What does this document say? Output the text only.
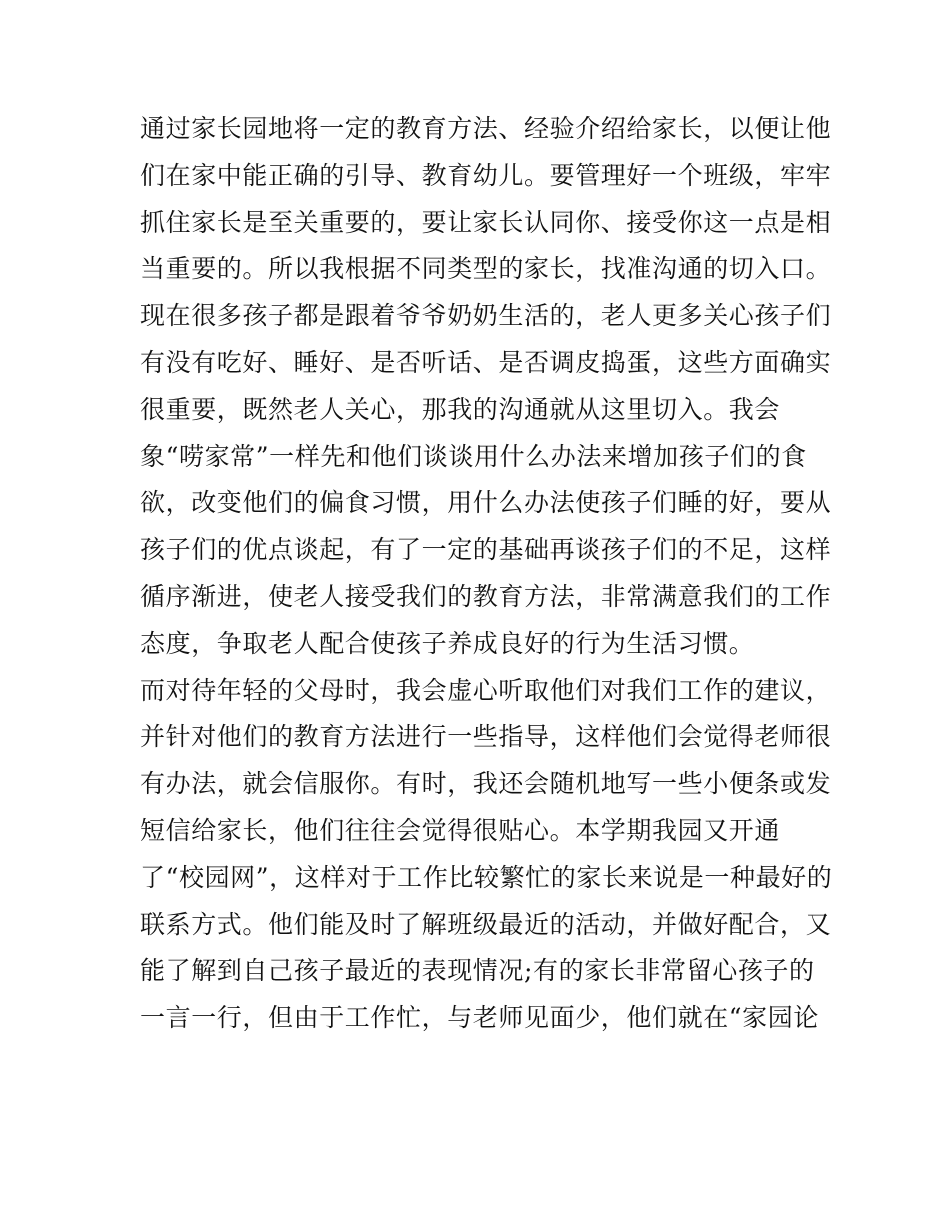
通过家长园地将一定的教育方法、经验介绍给家长，以便让他
们在家中能正确的引导、教育幼儿。要管理好一个班级，牢牢
抓住家长是至关重要的，要让家长认同你、接受你这一点是相
当重要的。所以我根据不同类型的家长，找准沟通的切入口。
现在很多孩子都是跟着爷爷奶奶生活的，老人更多关心孩子们
有没有吃好、睡好、是否听话、是否调皮捣蛋，这些方面确实
很重要，既然老人关心，那我的沟通就从这里切入。我会
象“唠家常”一样先和他们谈谈用什么办法来增加孩子们的食
欲，改变他们的偏食习惯，用什么办法使孩子们睡的好，要从
孩子们的优点谈起，有了一定的基础再谈孩子们的不足，这样
循序渐进，使老人接受我们的教育方法，非常满意我们的工作
态度，争取老人配合使孩子养成良好的行为生活习惯。
而对待年轻的父母时，我会虚心听取他们对我们工作的建议，
并针对他们的教育方法进行一些指导，这样他们会觉得老师很
有办法，就会信服你。有时，我还会随机地写一些小便条或发
短信给家长，他们往往会觉得很贴心。本学期我园又开通
了“校园网”，这样对于工作比较繁忙的家长来说是一种最好的
联系方式。他们能及时了解班级最近的活动，并做好配合，又
能了解到自己孩子最近的表现情况;有的家长非常留心孩子的
一言一行，但由于工作忙，与老师见面少，他们就在“家园论
